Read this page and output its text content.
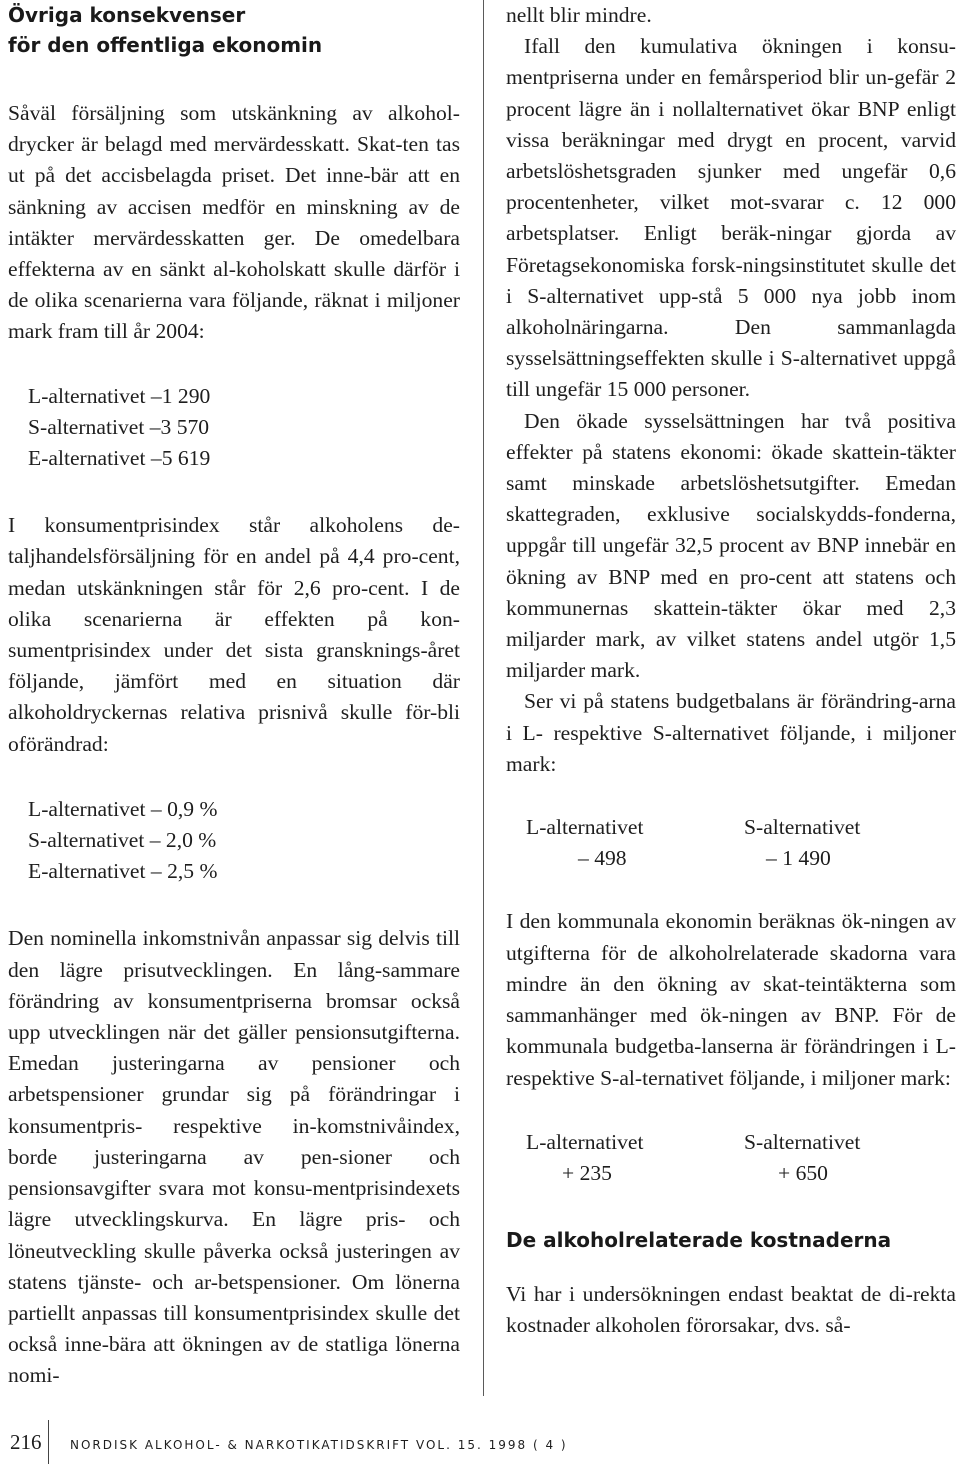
Övriga konsekvenser
för den offentliga ekonomin

Såväl försäljning som utskänkning av alkohol-drycker är belagd med mervärdesskatt. Skat-ten tas ut på det accisbelagda priset. Det inne-bär att en sänkning av accisen medför en minskning av de intäkter mervärdesskatten ger. De omedelbara effekterna av en sänkt al-koholskatt skulle därför i de olika scenarierna vara följande, räknat i miljoner mark fram till år 2004:

L-alternativet –1 290
S-alternativet –3 570
E-alternativet –5 619

I konsumentprisindex står alkoholens de-taljhandelsförsäljning för en andel på 4,4 pro-cent, medan utskänkningen står för 2,6 pro-cent. I de olika scenarierna är effekten på kon-sumentprisindex under det sista gransknings-året följande, jämfört med en situation där alkoholdryckernas relativa prisnivå skulle för-bli oförändrad:

L-alternativet – 0,9 %
S-alternativet – 2,0 %
E-alternativet – 2,5 %

Den nominella inkomstnivån anpassar sig delvis till den lägre prisutvecklingen. En lång-sammare förändring av konsumentpriserna bromsar också upp utvecklingen när det gäller pensionsutgifterna. Emedan justeringarna av pensioner och arbetspensioner grundar sig på förändringar i konsumentpris- respektive in-komstnivåindex, borde justeringarna av pen-sioner och pensionsavgifter svara mot konsu-mentprisindexets lägre utvecklingskurva. En lägre pris- och löneutveckling skulle påverka också justeringen av statens tjänste- och ar-betspensioner. Om lönerna partiellt anpassas till konsumentprisindex skulle det också inne-bära att ökningen av de statliga lönerna nomi-

nellt blir mindre.

Ifall den kumulativa ökningen i konsu-mentpriserna under en femårsperiod blir un-gefär 2 procent lägre än i nollalternativet ökar BNP enligt vissa beräkningar med drygt en procent, varvid arbetslöshetsgraden sjunker med ungefär 0,6 procentenheter, vilket mot-svarar c. 12 000 arbetsplatser. Enligt beräk-ningar gjorda av Företagsekonomiska forsk-ningsinstitutet skulle det i S-alternativet upp-stå 5 000 nya jobb inom alkoholnäringarna. Den sammanlagda sysselsättningseffekten skulle i S-alternativet uppgå till ungefär 15 000 personer.

Den ökade sysselsättningen har två positiva effekter på statens ekonomi: ökade skattein-täkter samt minskade arbetslöshetsutgifter. Emedan skattegraden, exklusive socialskydds-fonderna, uppgår till ungefär 32,5 procent av BNP innebär en ökning av BNP med en pro-cent att statens och kommunernas skattein-täkter ökar med 2,3 miljarder mark, av vilket statens andel utgör 1,5 miljarder mark.

Ser vi på statens budgetbalans är förändring-arna i L- respektive S-alternativet följande, i miljoner mark:

L-alternativet	S-alternativet
– 498	– 1 490

I den kommunala ekonomin beräknas ök-ningen av utgifterna för de alkoholrelaterade skadorna vara mindre än den ökning av skat-teintäkterna som sammanhänger med ök-ningen av BNP. För de kommunala budgetba-lanserna är förändringen i L- respektive S-al-ternativet följande, i miljoner mark:

L-alternativet	S-alternativet
+ 235	+ 650
De alkoholrelaterade kostnaderna

Vi har i undersökningen endast beaktat de di-rekta kostnader alkoholen förorsakar, dvs. så-

216 NORDISK ALKOHOL- & NARKOTIKATIDSKRIFT VOL. 15. 1998 ( 4 )
